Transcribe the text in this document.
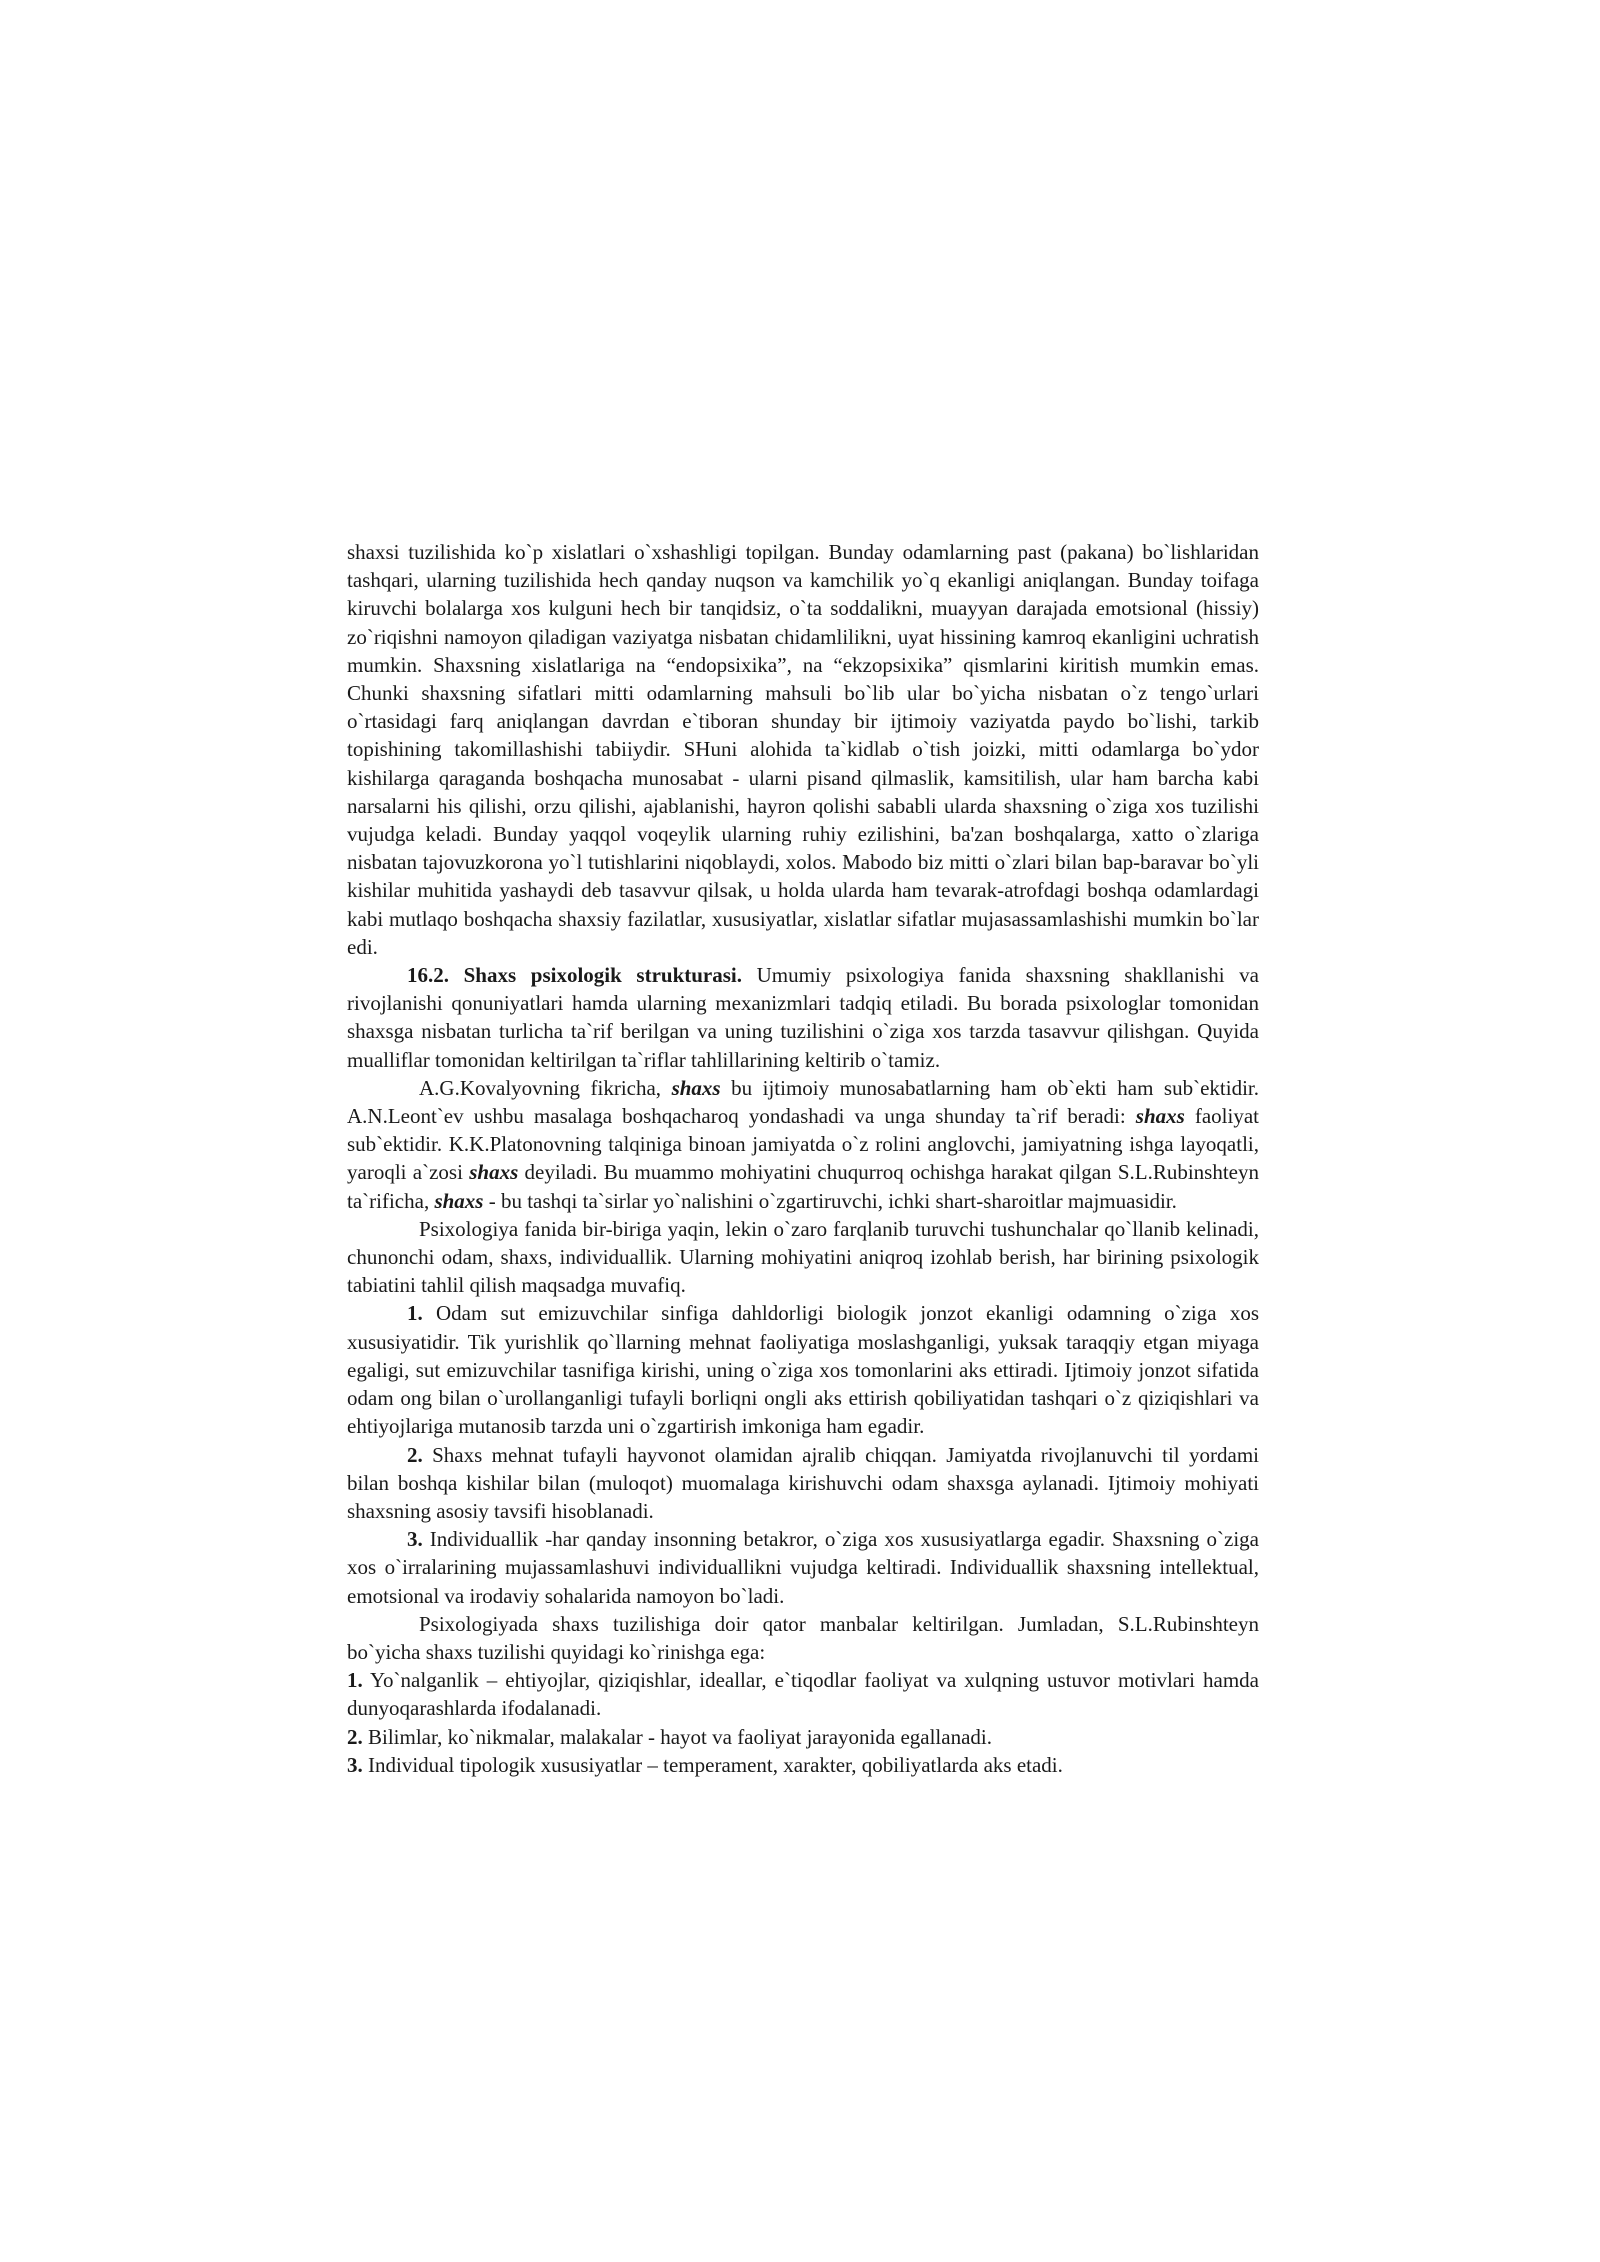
shaxsi tuzilishida ko`p xislatlari o`xshashligi topilgan. Bunday odamlarning past (pakana) bo`lishlaridan tashqari, ularning tuzilishida hech qanday nuqson va kamchilik yo`q ekanligi aniqlangan. Bunday toifaga kiruvchi bolalarga xos kulguni hech bir tanqidsiz, o`ta soddalikni, muayyan darajada emotsional (hissiy) zo`riqishni namoyon qiladigan vaziyatga nisbatan chidamlilikni, uyat hissining kamroq ekanligini uchratish mumkin. Shaxsning xislatlariga na “endopsixika”, na “ekzopsixika” qismlarini kiritish mumkin emas. Chunki shaxsning sifatlari mitti odamlarning mahsuli bo`lib ular bo`yicha nisbatan o`z tengo`urlari o`rtasidagi farq aniqlangan davrdan e`tiboran shunday bir ijtimoiy vaziyatda paydo bo`lishi, tarkib topishining takomillashishi tabiiydir. SHuni alohida ta`kidlab o`tish joizki, mitti odamlarga bo`ydor kishilarga qaraganda boshqacha munosabat - ularni pisand qilmaslik, kamsitilish, ular ham barcha kabi narsalarni his qilishi, orzu qilishi, ajablanishi, hayron qolishi sababli ularda shaxsning o`ziga xos tuzilishi vujudga keladi. Bunday yaqqol voqeylik ularning ruhiy ezilishini, ba'zan boshqalarga, xatto o`zlariga nisbatan tajovuzkorona yo`l tutishlarini niqoblaydi, xolos. Mabodo biz mitti o`zlari bilan bap-baravar bo`yli kishilar muhitida yashaydi deb tasavvur qilsak, u holda ularda ham tevarak-atrofdagi boshqa odamlardagi kabi mutlaqo boshqacha shaxsiy fazilatlar, xususiyatlar, xislatlar sifatlar mujasassamlashishi mumkin bo`lar edi.

16.2. Shaxs psixologik strukturasi. Umumiy psixologiya fanida shaxsning shakllanishi va rivojlanishi qonuniyatlari hamda ularning mexanizmlari tadqiq etiladi. Bu borada psixologlar tomonidan shaxsga nisbatan turlicha ta`rif berilgan va uning tuzilishini o`ziga xos tarzda tasavvur qilishgan. Quyida mualliflar tomonidan keltirilgan ta`riflar tahlillarining keltirib o`tamiz.

A.G.Kovalyovning fikricha, shaxs bu ijtimoiy munosabatlarning ham ob`ekti ham sub`ektidir. A.N.Leont`ev ushbu masalaga boshqacharoq yondashadi va unga shunday ta`rif beradi: shaxs faoliyat sub`ektidir. K.K.Platonovning talqiniga binoan jamiyatda o`z rolini anglovchi, jamiyatning ishga layoqatli, yaroqli a`zosi shaxs deyiladi. Bu muammo mohiyatini chuqurroq ochishga harakat qilgan S.L.Rubinshteyn ta`rificha, shaxs - bu tashqi ta`sirlar yo`nalishini o`zgartiruvchi, ichki shart-sharoitlar majmuasidir.

Psixologiya fanida bir-biriga yaqin, lekin o`zaro farqlanib turuvchi tushunchalar qo`llanib kelinadi, chunonchi odam, shaxs, individuallik. Ularning mohiyatini aniqroq izohlab berish, har birining psixologik tabiatini tahlil qilish maqsadga muvafiq.

1. Odam sut emizuvchilar sinfiga dahldorligi biologik jonzot ekanligi odamning o`ziga xos xususiyatidir. Tik yurishlik qo`llarning mehnat faoliyatiga moslashganligi, yuksak taraqqiy etgan miyaga egaligi, sut emizuvchilar tasnifiga kirishi, uning o`ziga xos tomonlarini aks ettiradi. Ijtimoiy jonzot sifatida odam ong bilan o`urollanganligi tufayli borliqni ongli aks ettirish qobiliyatidan tashqari o`z qiziqishlari va ehtiyojlariga mutanosib tarzda uni o`zgartirish imkoniga ham egadir.

2. Shaxs mehnat tufayli hayvonot olamidan ajralib chiqqan. Jamiyatda rivojlanuvchi til yordami bilan boshqa kishilar bilan (muloqot) muomalaga kirishuvchi odam shaxsga aylanadi. Ijtimoiy mohiyati shaxsning asosiy tavsifi hisoblanadi.

3. Individuallik -har qanday insonning betakror, o`ziga xos xususiyatlarga egadir. Shaxsning o`ziga xos o`irralarining mujassamlashuvi individuallikni vujudga keltiradi. Individuallik shaxsning intellektual, emotsional va irodaviy sohalarida namoyon bo`ladi.

Psixologiyada shaxs tuzilishiga doir qator manbalar keltirilgan. Jumladan, S.L.Rubinshteyn bo`yicha shaxs tuzilishi quyidagi ko`rinishga ega:

1. Yo`nalganlik – ehtiyojlar, qiziqishlar, ideallar, e`tiqodlar faoliyat va xulqning ustuvor motivlari hamda dunyoqarashlarda ifodalanadi.

2. Bilimlar, ko`nikmalar, malakalar - hayot va faoliyat jarayonida egallanadi.

3. Individual tipologik xususiyatlar – temperament, xarakter, qobiliyatlarda aks etadi.
